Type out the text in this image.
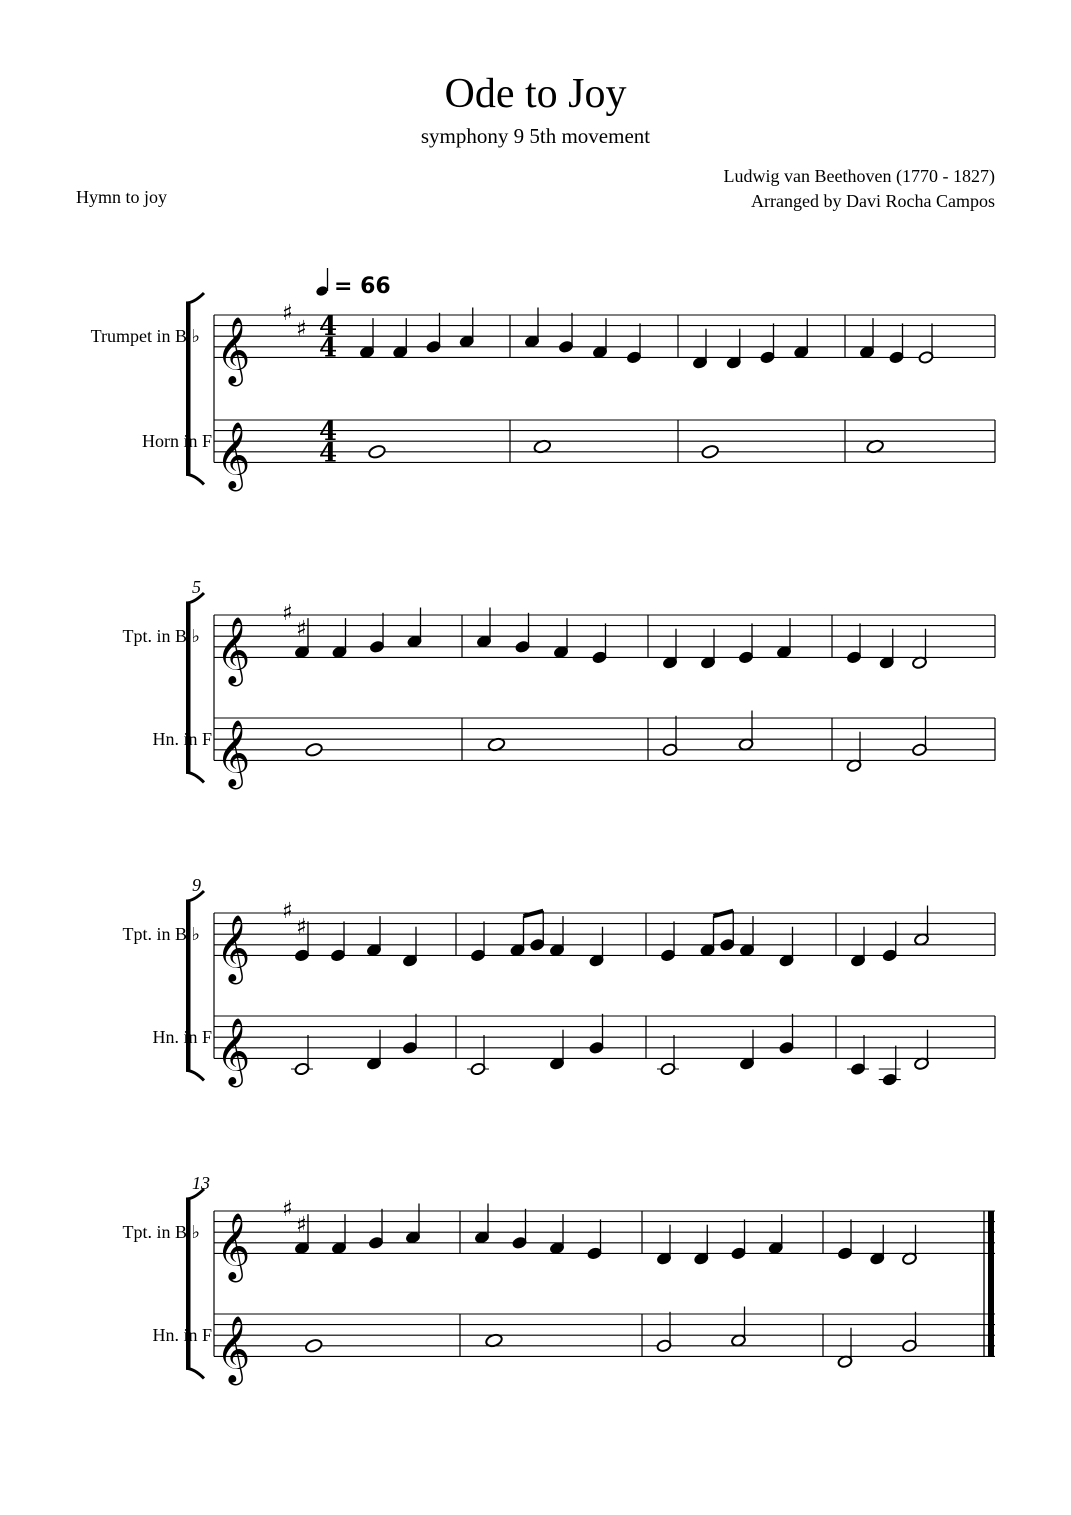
Ode to Joy
symphony 9 5th movement
Ludwig van Beethoven (1770 - 1827)
Arranged by Davi Rocha Campos
Hymn to joy
𝄞
𝄞
Trumpet in B ♭
Horn in F
♯
♯ 4
4
4
4
= 66
𝄞
𝄞
Tpt. in B ♭
Hn. in F
♯
♯
5
𝄞
𝄞
Tpt. in B ♭
Hn. in F
♯
♯
9
𝄞
𝄞
Tpt. in B ♭
Hn. in F
♯
♯
13
